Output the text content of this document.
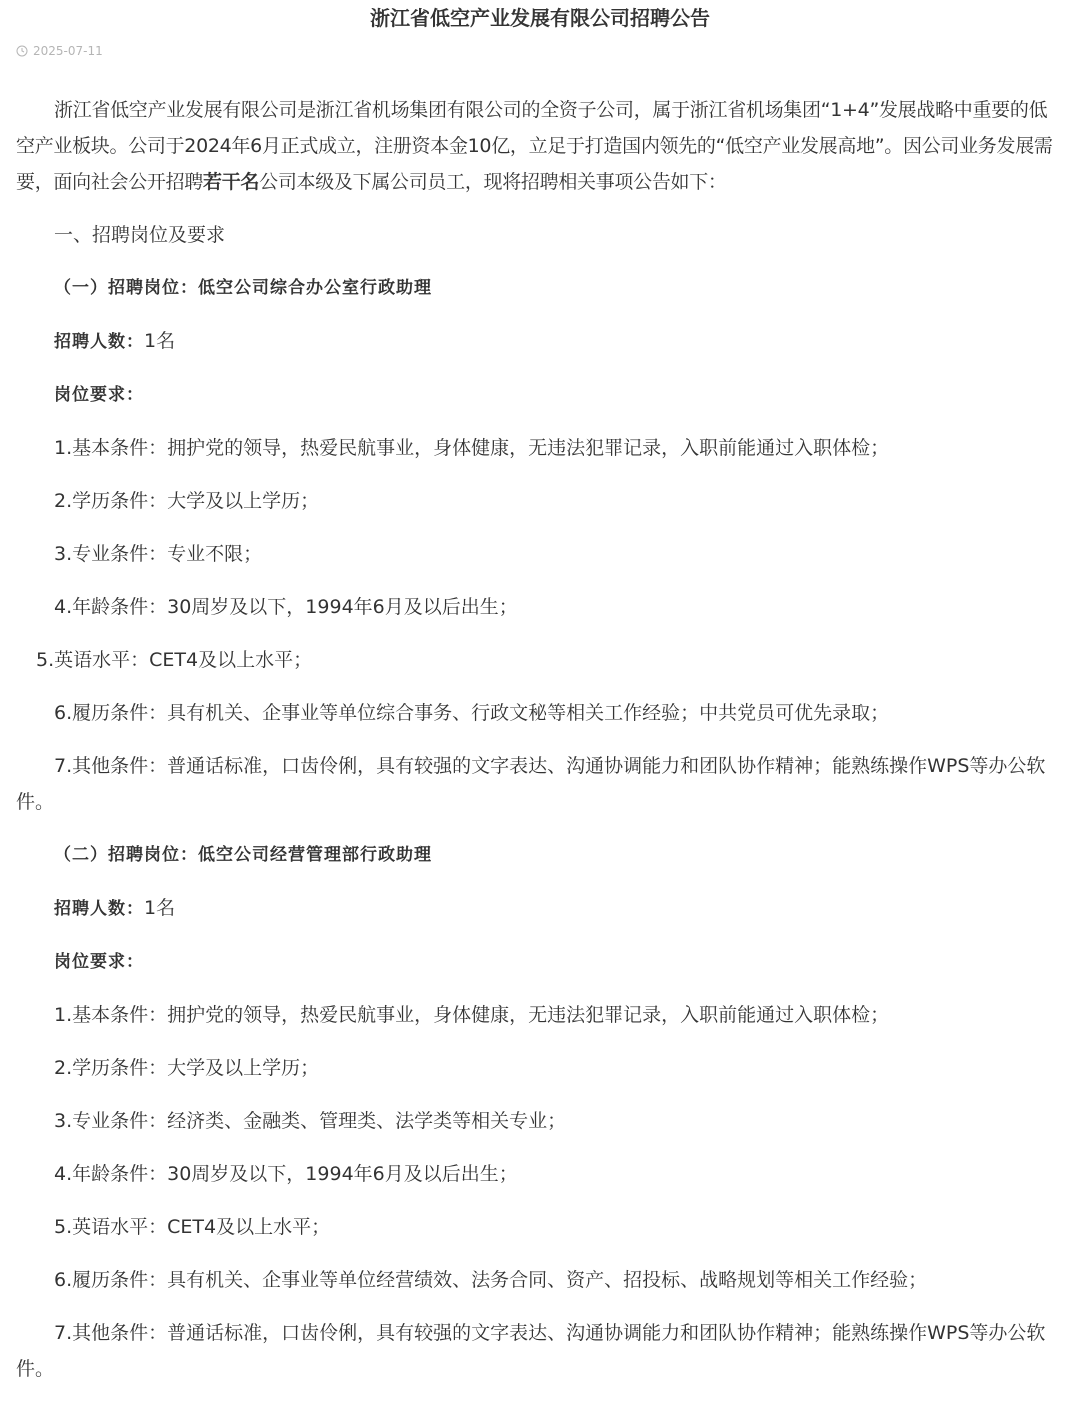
浙江省低空产业发展有限公司招聘公告
2025-07-11

浙江省低空产业发展有限公司是浙江省机场集团有限公司的全资子公司，属于浙江省机场集团“1+4”发展战略中重要的低空产业板块。公司于2024年6月正式成立，注册资本金10亿，立足于打造国内领先的“低空产业发展高地”。因公司业务发展需要，面向社会公开招聘若干名公司本级及下属公司员工，现将招聘相关事项公告如下：

一、招聘岗位及要求

（一）招聘岗位：低空公司综合办公室行政助理

招聘人数：1名

岗位要求：

1.基本条件：拥护党的领导，热爱民航事业，身体健康，无违法犯罪记录，入职前能通过入职体检；

2.学历条件：大学及以上学历；

3.专业条件：专业不限；

4.年龄条件：30周岁及以下，1994年6月及以后出生；

5.英语水平：CET4及以上水平；

6.履历条件：具有机关、企事业等单位综合事务、行政文秘等相关工作经验；中共党员可优先录取；

7.其他条件：普通话标准，口齿伶俐，具有较强的文字表达、沟通协调能力和团队协作精神；能熟练操作WPS等办公软件。

（二）招聘岗位：低空公司经营管理部行政助理

招聘人数：1名

岗位要求：

1.基本条件：拥护党的领导，热爱民航事业，身体健康，无违法犯罪记录，入职前能通过入职体检；

2.学历条件：大学及以上学历；

3.专业条件：经济类、金融类、管理类、法学类等相关专业；

4.年龄条件：30周岁及以下，1994年6月及以后出生；

5.英语水平：CET4及以上水平；

6.履历条件：具有机关、企事业等单位经营绩效、法务合同、资产、招投标、战略规划等相关工作经验；

7.其他条件：普通话标准，口齿伶俐，具有较强的文字表达、沟通协调能力和团队协作精神；能熟练操作WPS等办公软件。
